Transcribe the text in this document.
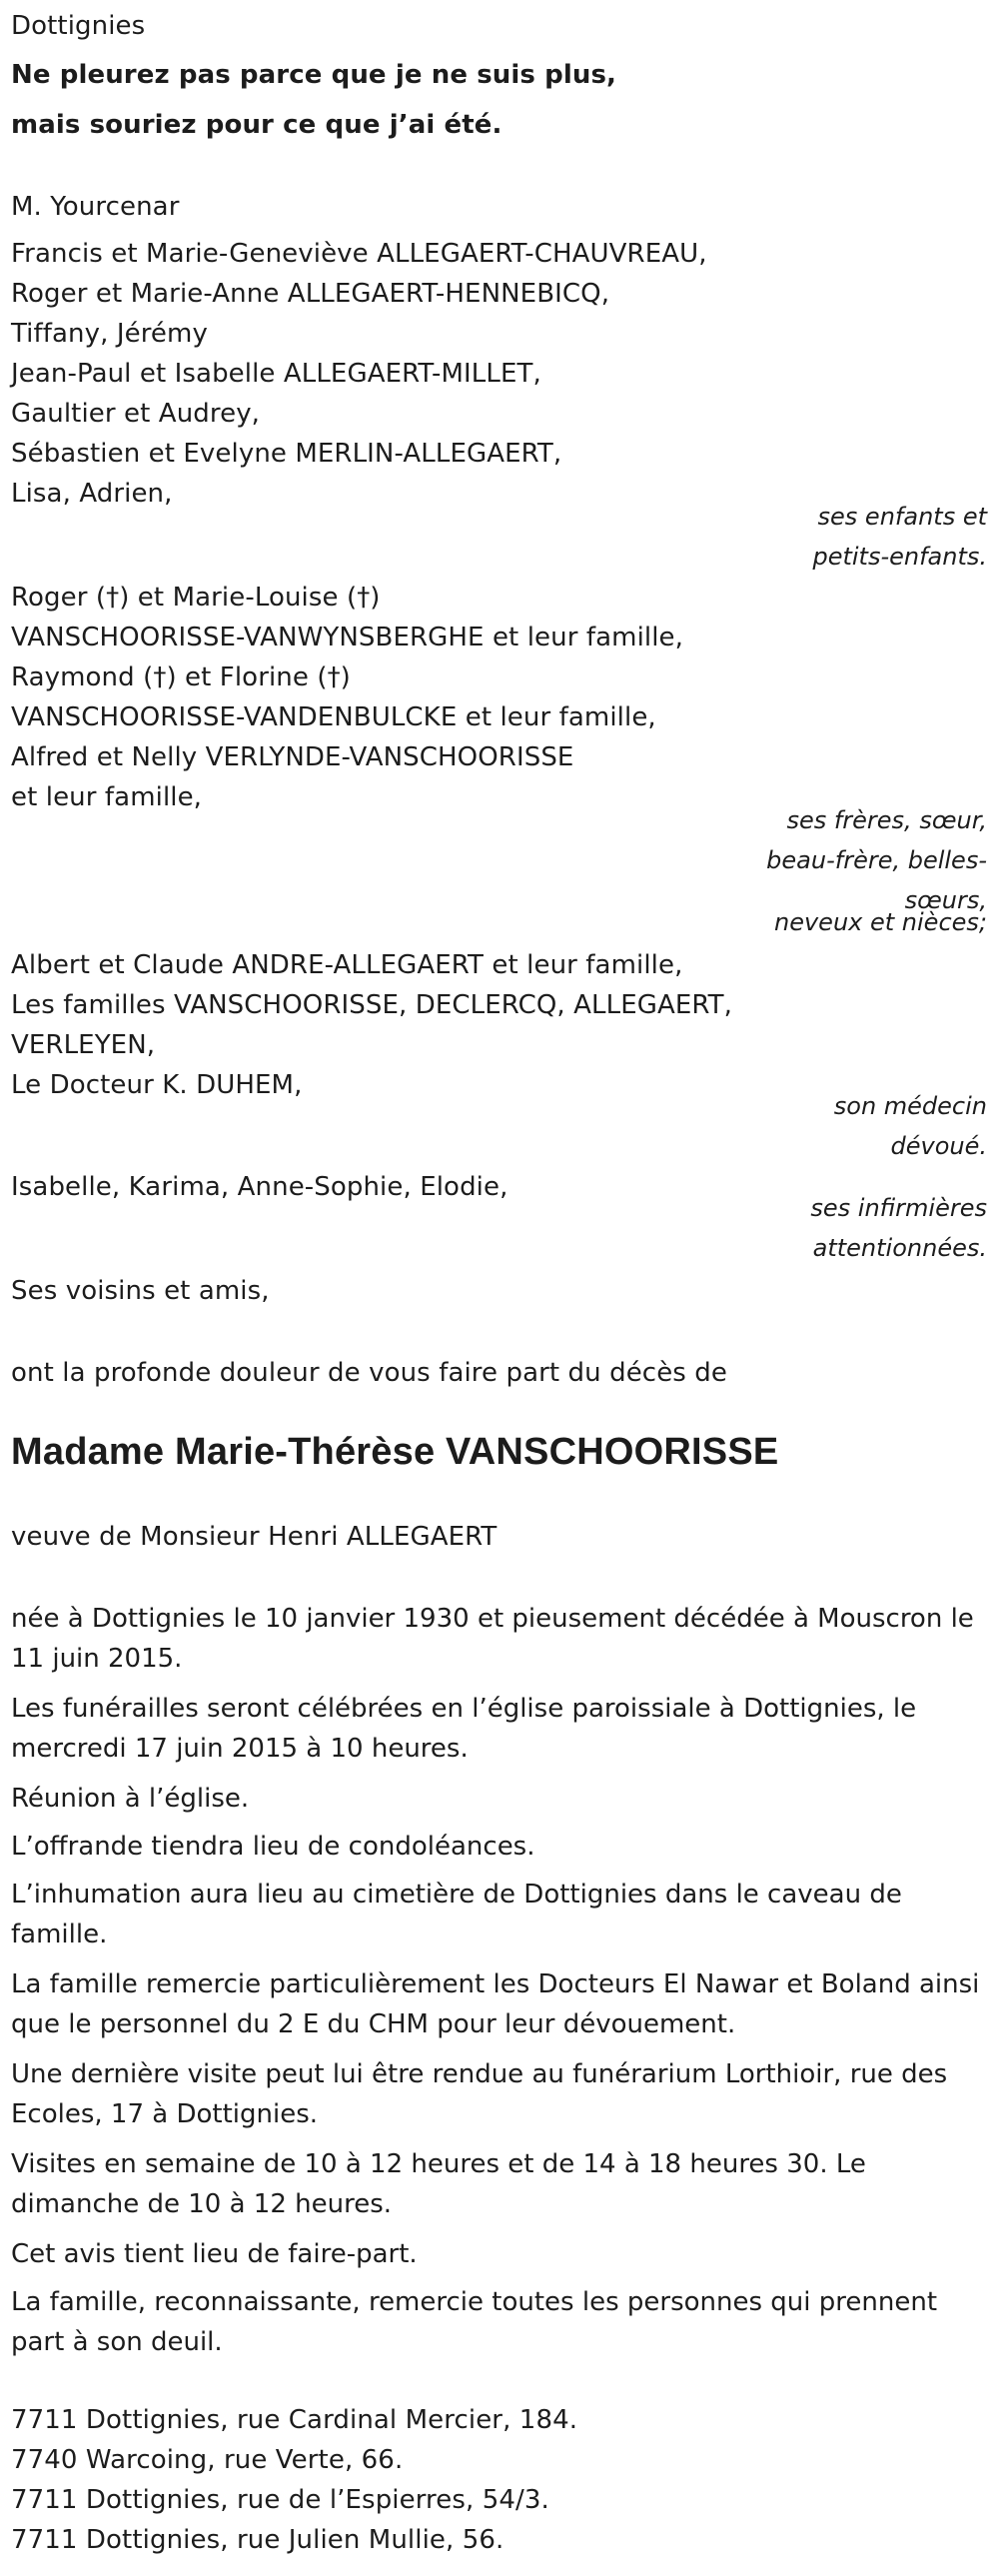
Dottignies
Ne pleurez pas parce que je ne suis plus,
mais souriez pour ce que j’ai été.
M. Yourcenar
Francis et Marie-Geneviève ALLEGAERT-CHAUVREAU,
Roger et Marie-Anne ALLEGAERT-HENNEBICQ,
Tiffany, Jérémy
Jean-Paul et Isabelle ALLEGAERT-MILLET,
Gaultier et Audrey,
Sébastien et Evelyne MERLIN-ALLEGAERT,
Lisa, Adrien,
ses enfants et
petits-enfants.
Roger (†) et Marie-Louise (†)
VANSCHOORISSE-VANWYNSBERGHE et leur famille,
Raymond (†) et Florine (†)
VANSCHOORISSE-VANDENBULCKE et leur famille,
Alfred et Nelly VERLYNDE-VANSCHOORISSE
et leur famille,
ses frères, sœur,
beau-frère, belles-
sœurs,
neveux et nièces;
Albert et Claude ANDRE-ALLEGAERT et leur famille,
Les familles VANSCHOORISSE, DECLERCQ, ALLEGAERT,
VERLEYEN,
Le Docteur K. DUHEM,
son médecin
dévoué.
Isabelle, Karima, Anne-Sophie, Elodie,
ses infirmières
attentionnées.
Ses voisins et amis,
ont la profonde douleur de vous faire part du décès de
Madame Marie-Thérèse VANSCHOORISSE
veuve de Monsieur Henri ALLEGAERT
née à Dottignies le 10 janvier 1930 et pieusement décédée à Mouscron le 11 juin 2015.
Les funérailles seront célébrées en l’église paroissiale à Dottignies, le mercredi 17 juin 2015 à 10 heures.
Réunion à l’église.
L’offrande tiendra lieu de condoléances.
L’inhumation aura lieu au cimetière de Dottignies dans le caveau de famille.
La famille remercie particulièrement les Docteurs El Nawar et Boland ainsi que le personnel du 2 E du CHM pour leur dévouement.
Une dernière visite peut lui être rendue au funérarium Lorthioir, rue des Ecoles, 17 à Dottignies.
Visites en semaine de 10 à 12 heures et de 14 à 18 heures 30. Le dimanche de 10 à 12 heures.
Cet avis tient lieu de faire-part.
La famille, reconnaissante, remercie toutes les personnes qui prennent part à son deuil.
7711 Dottignies, rue Cardinal Mercier, 184.
7740 Warcoing, rue Verte, 66.
7711 Dottignies, rue de l’Espierres, 54/3.
7711 Dottignies, rue Julien Mullie, 56.
